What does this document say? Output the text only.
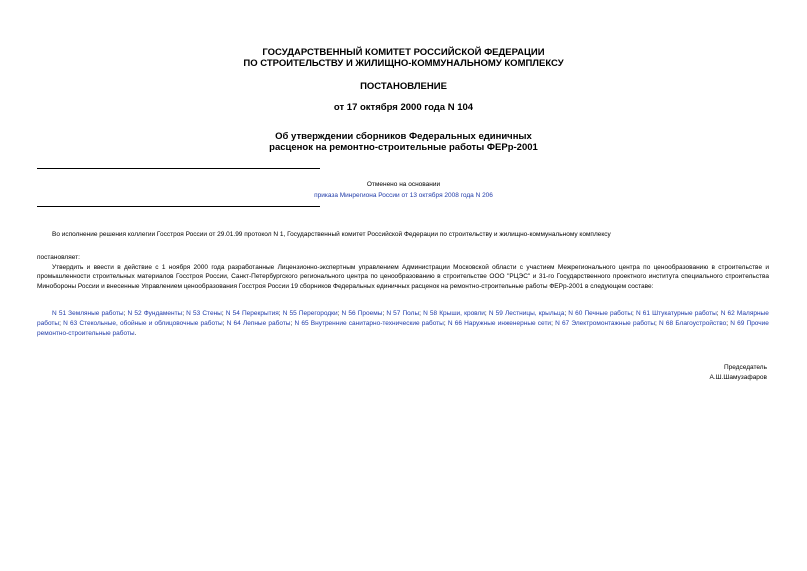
ГОСУДАРСТВЕННЫЙ КОМИТЕТ РОССИЙСКОЙ ФЕДЕРАЦИИ
ПО СТРОИТЕЛЬСТВУ И ЖИЛИЩНО-КОММУНАЛЬНОМУ КОМПЛЕКСУ
ПОСТАНОВЛЕНИЕ
от 17 октября 2000 года N 104
Об утверждении сборников Федеральных единичных
расценок на ремонтно-строительные работы ФЕРр-2001
Отменено на основании
приказа Минрегиона России от 13 октября 2008 года N 206
Во исполнение решения коллегии Госстроя России от 29.01.99 протокол N 1, Государственный комитет Российской Федерации по строительству и жилищно-коммунальному комплексу
постановляет:
Утвердить и ввести в действие с 1 ноября 2000 года разработанные Лицензионно-экспертным управлением Администрации Московской области с участием Межрегионального центра по ценообразованию в строительстве и промышленности строительных материалов Госстроя России, Санкт-Петербургского регионального центра по ценообразованию в строительстве ООО "РЦЭС" и 31-го Государственного проектного института специального строительства Минобороны России и внесенные Управлением ценообразования Госстроя России 19 сборников Федеральных единичных расценок на ремонтно-строительные работы ФЕРр-2001 в следующем составе:
N 51 Земляные работы; N 52 Фундаменты; N 53 Стены; N 54 Перекрытия; N 55 Перегородки; N 56 Проемы; N 57 Полы; N 58 Крыши, кровли; N 59 Лестницы, крыльца; N 60 Печные работы; N 61 Штукатурные работы; N 62 Малярные работы; N 63 Стекольные, обойные и облицовочные работы; N 64 Лепные работы; N 65 Внутренние санитарно-технические работы; N 66 Наружные инженерные сети; N 67 Электромонтажные работы; N 68 Благоустройство; N 69 Прочие ремонтно-строительные работы.
Председатель
А.Ш.Шамузафаров
